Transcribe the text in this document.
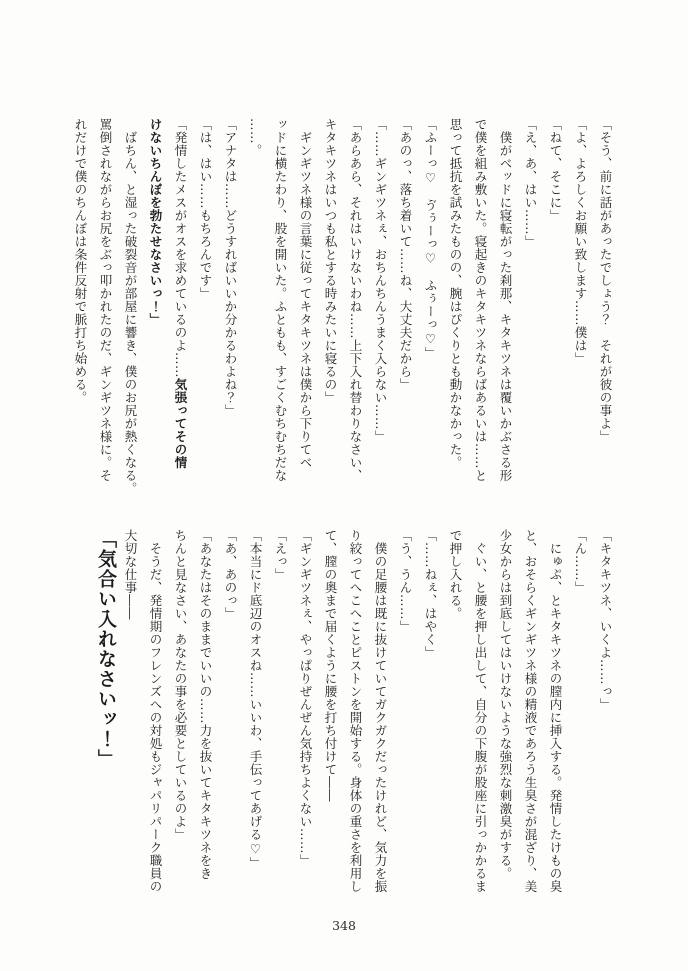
「そう、前に話があったでしょう？　それが彼の事よ」

「よ、よろしくお願い致します……僕は」

「ねて、そこに」

「え、あ、はい……」

僕がベッドに寝転がった刹那、キタキツネは覆いかぶさる形

で僕を組み敷いた。寝起きのキタキツネならばあるいは……と

思って抵抗を試みたものの、腕はぴくりとも動かなかった。

「ふーっ♡　ゔぅーっ♡　ふぅーっ♡」

「あのっ、落ち着いて……ね、大丈夫だから」

「……ギンギツネぇ、おちんちんうまく入らない……」

「あらあら、それはいけないわね……上下入れ替わりなさい、

キタキツネはいつも私とする時みたいに寝るの」

ギンギツネ様の言葉に従ってキタキツネは僕から下りてベ

ッドに横たわり、股を開いた。ふともも、すごくむちむちだな

……。

「アナタは……どうすればいいか分かるわよね？」

「は、はい……もちろんです」

「発情したメスがオスを求めているのよ……気張ってその情

けないちんぼを勃たせなさいっ！」

ばちん、と湿った破裂音が部屋に響き、僕のお尻が熱くなる。

罵倒されながらお尻をぶっ叩かれたのだ、ギンギツネ様に。そ

れだけで僕のちんぼは条件反射で脈打ち始める。

「キタキツネ、いくよ……っ」

「ん……」

にゅぷ、とキタキツネの膣内に挿入する。発情したけもの臭

と、おそらくギンギツネ様の精液であろう生臭さが混ざり、美

少女からは到底してはいけないような強烈な刺激臭がする。

ぐい、と腰を押し出して、自分の下腹が股座に引っかかるま

で押し入れる。

「……ねぇ、はやく」

「う、うん……」

僕の足腰は既に抜けていてガクガクだったけれど、気力を振

り絞ってへこへことピストンを開始する。身体の重さを利用し

て、膣の奥まで届くように腰を打ち付けて――

「ギンギツネぇ、やっぱりぜんぜん気持ちよくない……」

「えっ」

「本当にド底辺のオスね……いいわ、手伝ってあげる♡」

「あ、あのっ」

「あなたはそのままでいいの……力を抜いてキタキツネをき

ちんと見なさい、あなたの事を必要としているのよ」

そうだ、発情期のフレンズへの対処もジャパリパーク職員の

大切な仕事――

「気合い入れなさいッ！」

348
